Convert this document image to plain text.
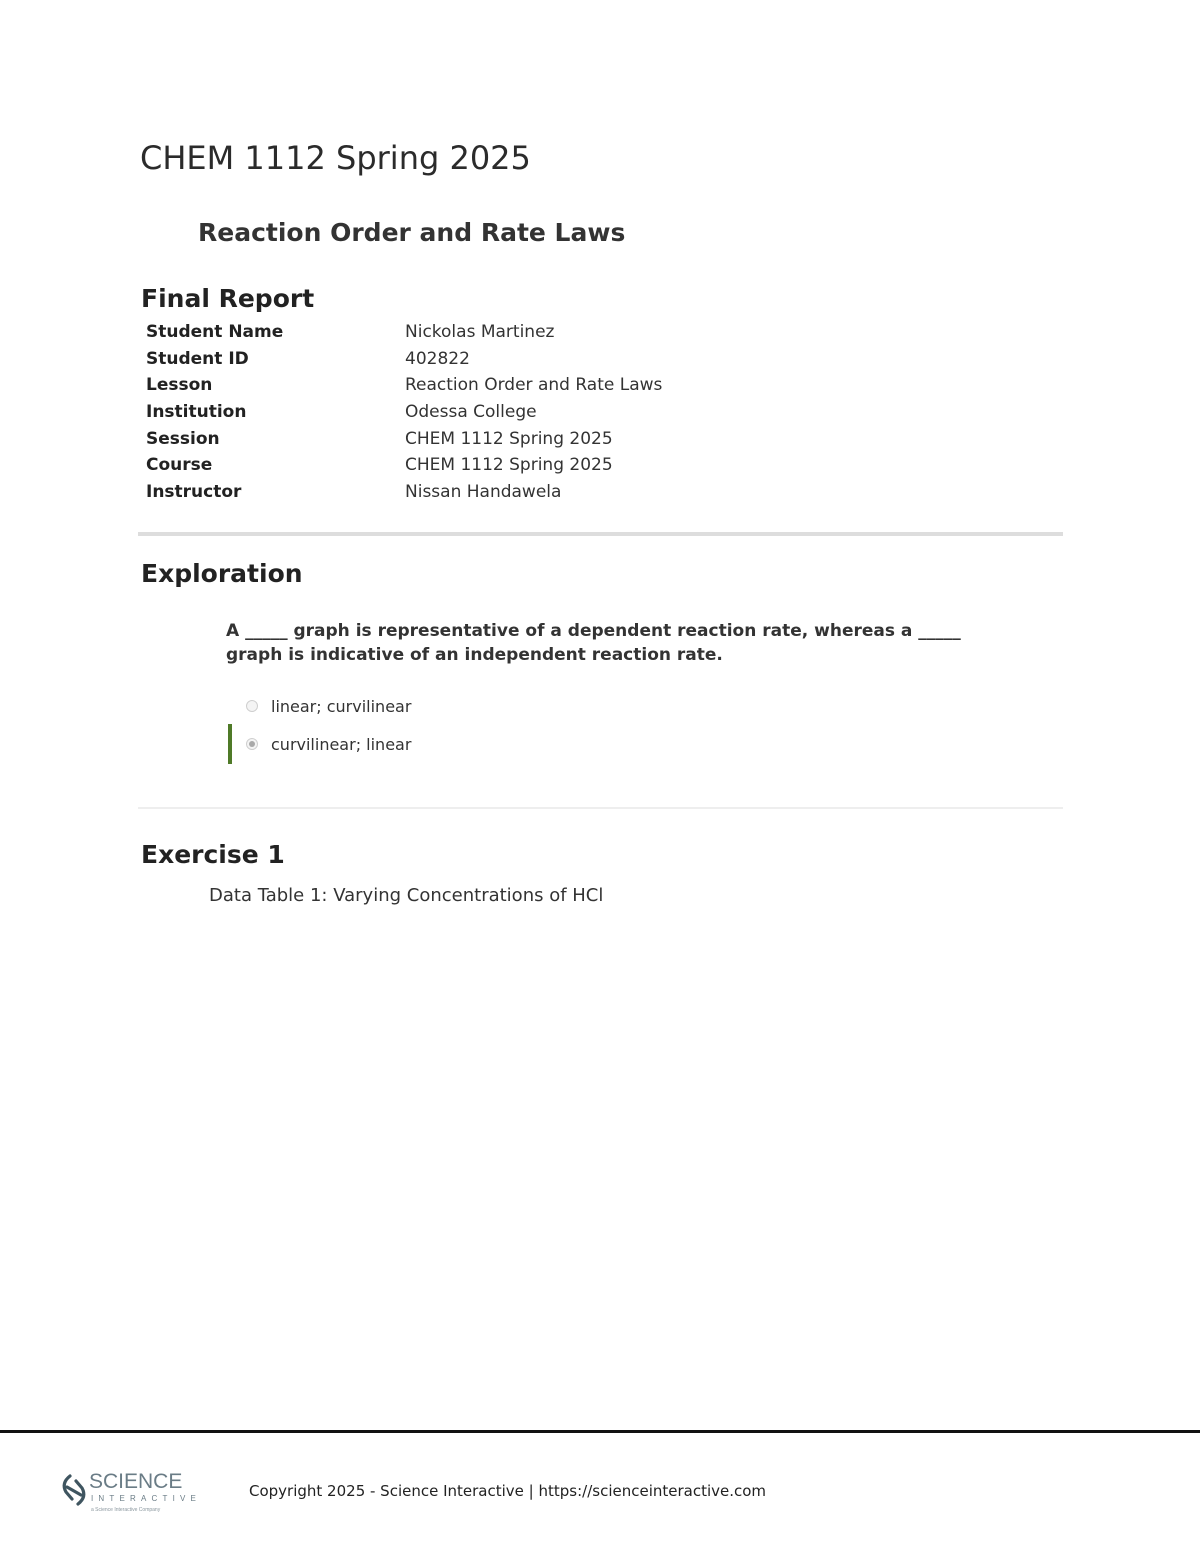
CHEM 1112 Spring 2025
Reaction Order and Rate Laws
Final Report
Student Name	Nickolas Martinez
Student ID	402822
Lesson	Reaction Order and Rate Laws
Institution	Odessa College
Session	CHEM 1112 Spring 2025
Course	CHEM 1112 Spring 2025
Instructor	Nissan Handawela
Exploration

A _____ graph is representative of a dependent reaction rate, whereas a _____ graph is indicative of an independent reaction rate.

linear; curvilinear
curvilinear; linear
Exercise 1
Data Table 1: Varying Concentrations of HCl
SCIENCE
INTERACTIVE
a Science Interactive Company
Copyright 2025 - Science Interactive | https://scienceinteractive.com
